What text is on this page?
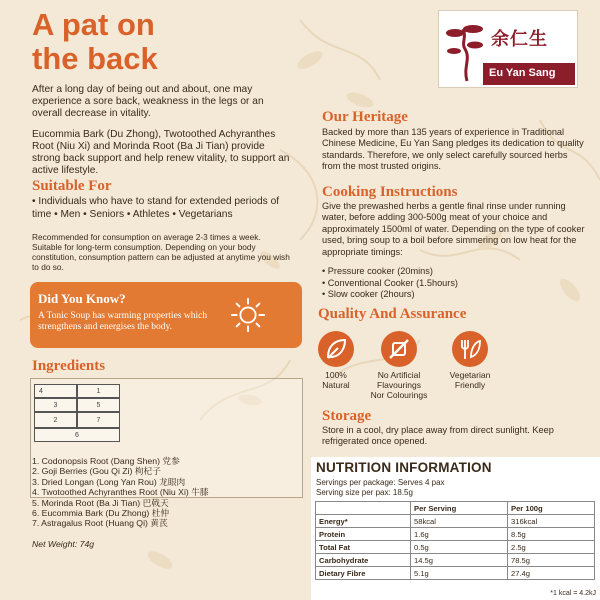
A pat on
the back
After a long day of being out and about, one may experience a sore back, weakness in the legs or an overall decrease in vitality.
Eucommia Bark (Du Zhong), Twotoothed Achyranthes Root (Niu Xi) and Morinda Root (Ba Ji Tian) provide strong back support and help renew vitality, to support an active lifestyle.
Suitable For
• Individuals who have to stand for extended periods of time • Men • Seniors • Athletes • Vegetarians
Recommended for consumption on average 2-3 times a week. Suitable for long-term consumption. Depending on your body constitution, consumption pattern can be adjusted at anytime you wish to do so.
Did You Know?
A Tonic Soup has warming properties which strengthens and energises the body.
Ingredients
4	1
3	5
2	7
6
1. Codonopsis Root (Dang Shen) 党参
2. Goji Berries (Gou Qi Zi) 枸杞子
3. Dried Longan (Long Yan Rou) 龙眼肉
4. Twotoothed Achyranthes Root (Niu Xi) 牛膝
5. Morinda Root (Ba Ji Tian) 巴戟天
6. Eucommia Bark (Du Zhong) 杜仲
7. Astragalus Root (Huang Qi) 黄芪
Net Weight: 74g
余仁生
Eu Yan Sang
Our Heritage
Backed by more than 135 years of experience in Traditional Chinese Medicine, Eu Yan Sang pledges its dedication to quality standards. Therefore, we only select carefully sourced herbs from the most trusted origins.
Cooking Instructions
Give the prewashed herbs a gentle final rinse under running water, before adding 300-500g meat of your choice and approximately 1500ml of water. Depending on the type of cooker used, bring soup to a boil before simmering on low heat for the appropriate timings:
• Pressure cooker (20mins)
• Conventional Cooker (1.5hours)
• Slow cooker (2hours)
Quality And Assurance
100%
Natural
No Artificial
Flavourings
Nor Colourings
Vegetarian
Friendly
Storage
Store in a cool, dry place away from direct sunlight. Keep refrigerated once opened.
NUTRITION INFORMATION
Servings per package: Serves 4 pax
Serving size per pax: 18.5g
	Per Serving	Per 100g
Energy*	58kcal	316kcal
Protein	1.6g	8.5g
Total Fat	0.5g	2.5g
Carbohydrate	14.5g	78.5g
Dietary Fibre	5.1g	27.4g
*1 kcal = 4.2kJ
